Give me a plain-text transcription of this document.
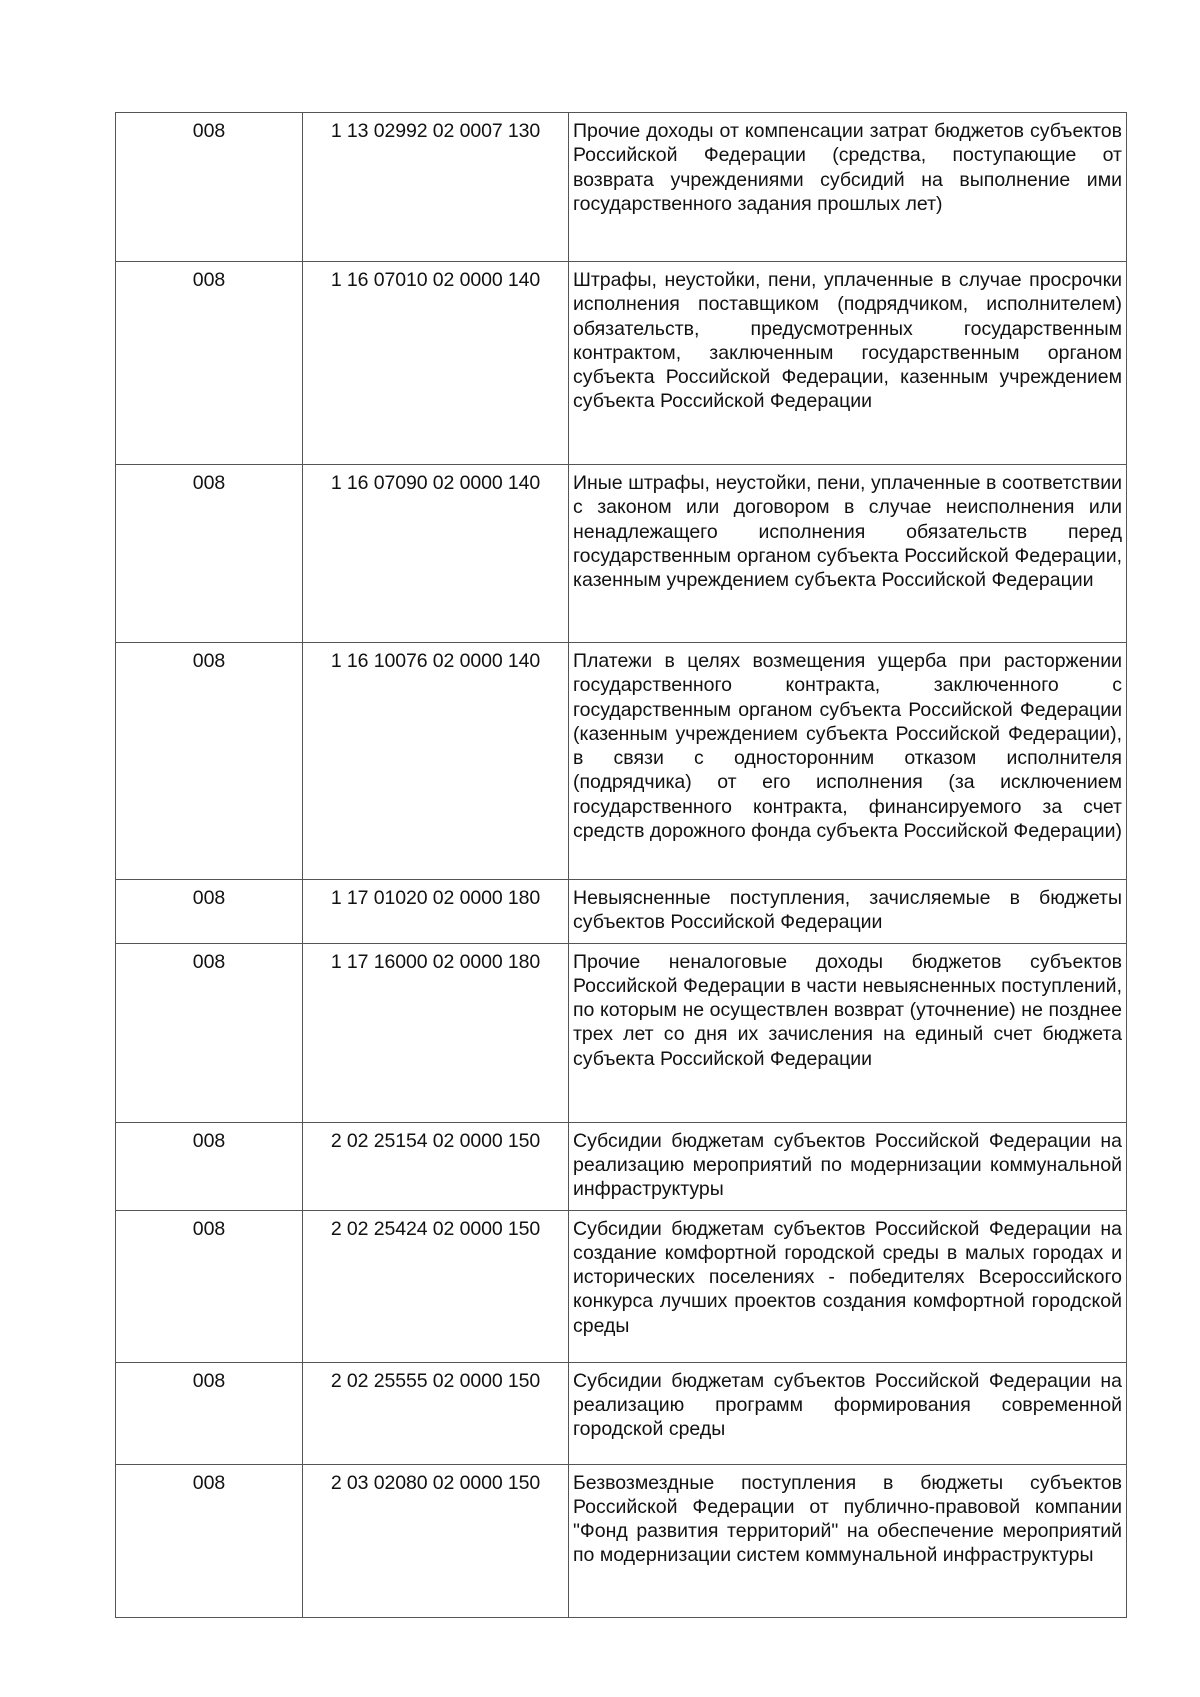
008	1 13 02992 02 0007 130	Прочие доходы от компенсации затрат бюджетов субъектов Российской Федерации (средства, поступающие от возврата учреждениями субсидий на выполнение ими государственного задания прошлых лет)
008	1 16 07010 02 0000 140	Штрафы, неустойки, пени, уплаченные в случае просрочки исполнения поставщиком (подрядчиком, исполнителем) обязательств, предусмотренных государственным контрактом, заключенным государственным органом субъекта Российской Федерации, казенным учреждением субъекта Российской Федерации
008	1 16 07090 02 0000 140	Иные штрафы, неустойки, пени, уплаченные в соответствии с законом или договором в случае неисполнения или ненадлежащего исполнения обязательств перед государственным органом субъекта Российской Федерации, казенным учреждением субъекта Российской Федерации
008	1 16 10076 02 0000 140	Платежи в целях возмещения ущерба при расторжении государственного контракта, заключенного с государственным органом субъекта Российской Федерации (казенным учреждением субъекта Российской Федерации), в связи с односторонним отказом исполнителя (подрядчика) от его исполнения (за исключением государственного контракта, финансируемого за счет средств дорожного фонда субъекта Российской Федерации)
008	1 17 01020 02 0000 180	Невыясненные поступления, зачисляемые в бюджеты субъектов Российской Федерации
008	1 17 16000 02 0000 180	Прочие неналоговые доходы бюджетов субъектов Российской Федерации в части невыясненных поступлений, по которым не осуществлен возврат (уточнение) не позднее трех лет со дня их зачисления на единый счет бюджета субъекта Российской Федерации
008	2 02 25154 02 0000 150	Субсидии бюджетам субъектов Российской Федерации на реализацию мероприятий по модернизации коммунальной инфраструктуры
008	2 02 25424 02 0000 150	Субсидии бюджетам субъектов Российской Федерации на создание комфортной городской среды в малых городах и исторических поселениях - победителях Всероссийского конкурса лучших проектов создания комфортной городской среды
008	2 02 25555 02 0000 150	Субсидии бюджетам субъектов Российской Федерации на реализацию программ формирования современной городской среды
008	2 03 02080 02 0000 150	Безвозмездные поступления в бюджеты субъектов Российской Федерации от публично-правовой компании "Фонд развития территорий" на обеспечение мероприятий по модернизации систем коммунальной инфраструктуры
